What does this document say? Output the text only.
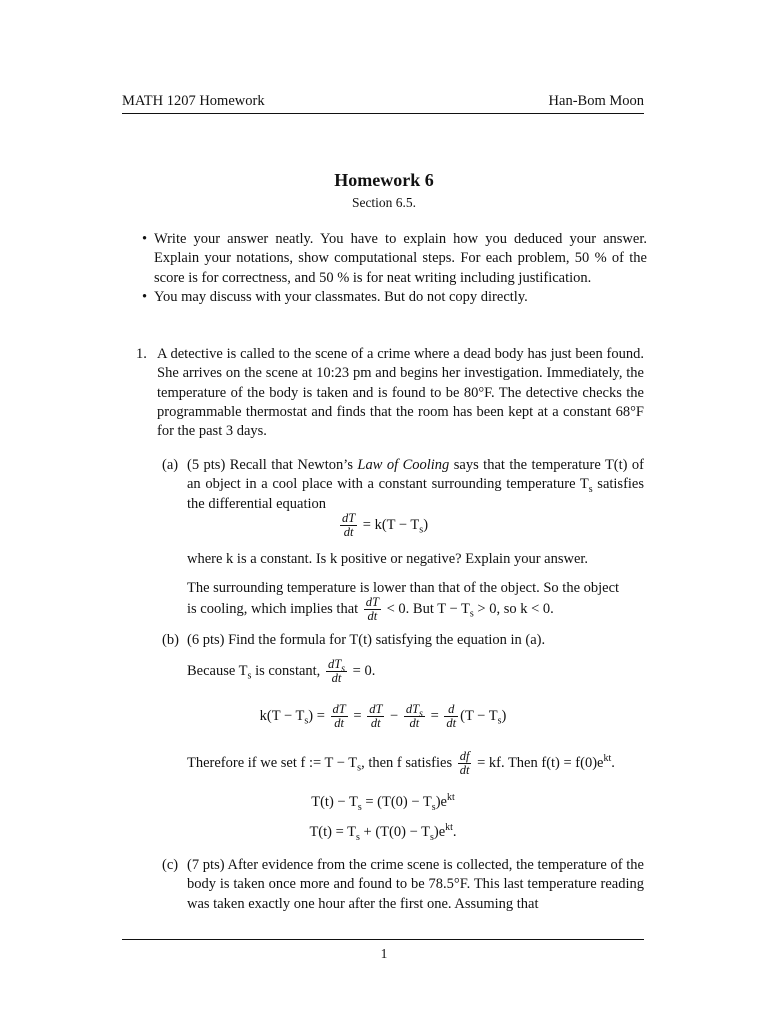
MATH 1207 Homework	Han-Bom Moon
Homework 6
Section 6.5.
• Write your answer neatly. You have to explain how you deduced your answer. Explain your notations, show computational steps. For each problem, 50 % of the score is for correctness, and 50 % is for neat writing including justification.
• You may discuss with your classmates. But do not copy directly.
1. A detective is called to the scene of a crime where a dead body has just been found. She arrives on the scene at 10:23 pm and begins her investigation. Immediately, the temperature of the body is taken and is found to be 80°F. The detective checks the programmable thermostat and finds that the room has been kept at a constant 68°F for the past 3 days.
(a) (5 pts) Recall that Newton’s Law of Cooling says that the temperature T(t) of an object in a cool place with a constant surrounding temperature $T_s$ satisfies the differential equation
$\frac{dT}{dt} = k(T - T_s)$
where k is a constant. Is k positive or negative? Explain your answer.
The surrounding temperature is lower than that of the object. So the object
is cooling, which implies that $\frac{dT}{dt} < 0$. But $T - T_s > 0$, so k < 0.
(b) (6 pts) Find the formula for T(t) satisfying the equation in (a).
Because $T_s$ is constant, $\frac{dT_s}{dt} = 0$.
$k(T - T_s) = \frac{dT}{dt} = \frac{dT}{dt} - \frac{dT_s}{dt} = \frac{d}{dt} (T - T_s)$
Therefore if we set f := $T - T_s$, then f satisfies $\frac{df}{dt}$ = kf. Then $f(t) = f(0)e^{kt}$.
$T(t) - T_s = (T(0) - T_s)e^{kt}$
$T(t) = T_s + (T(0) - T_s)e^{kt}$.
(c) (7 pts) After evidence from the crime scene is collected, the temperature of the body is taken once more and found to be 78.5°F. This last temperature reading was taken exactly one hour after the first one. Assuming that
1
